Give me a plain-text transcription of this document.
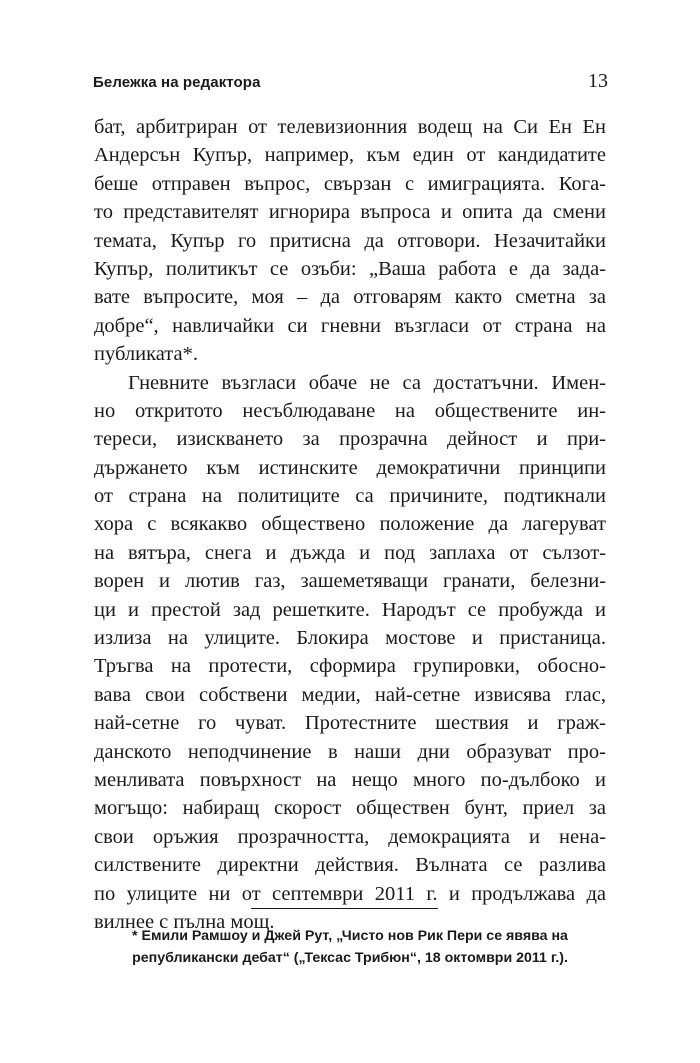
Бележка на редактора	13
бат, арбитриран от телевизионния водещ на Си Ен Ен
Андерсън Купър, например, към един от кандидатите
беше отправен въпрос, свързан с имиграцията. Кога-
то представителят игнорира въпроса и опита да смени
темата, Купър го притисна да отговори. Незачитайки
Купър, политикът се озъби: „Ваша работа е да зада-
вате въпросите, моя – да отговарям както сметна за
добре“, навличайки си гневни възгласи от страна на
публиката*.
Гневните възгласи обаче не са достатъчни. Имен-
но откритото несъблюдаване на обществените ин-
тереси, изискването за прозрачна дейност и при-
държането към истинските демократични принципи
от страна на политиците са причините, подтикнали
хора с всякакво обществено положение да лагеруват
на вятъра, снега и дъжда и под заплаха от сълзот-
ворен и лютив газ, зашеметяващи гранати, белезни-
ци и престой зад решетките. Народът се пробужда и
излиза на улиците. Блокира мостове и пристаница.
Тръгва на протести, сформира групировки, обосно-
вава свои собствени медии, най-сетне извисява глас,
най-сетне го чуват. Протестните шествия и граж-
данското неподчинение в наши дни образуват про-
менливата повърхност на нещо много по-дълбоко и
могъщо: набиращ скорост обществен бунт, приел за
свои оръжия прозрачността, демокрацията и нена-
силствените директни действия. Вълната се разлива
по улиците ни от септември 2011 г. и продължава да
вилнее с пълна мощ.
* Емили Рамшоу и Джей Рут, „Чисто нов Рик Пери се явява на
републикански дебат“ („Тексас Трибюн“, 18 октомври 2011 г.).
